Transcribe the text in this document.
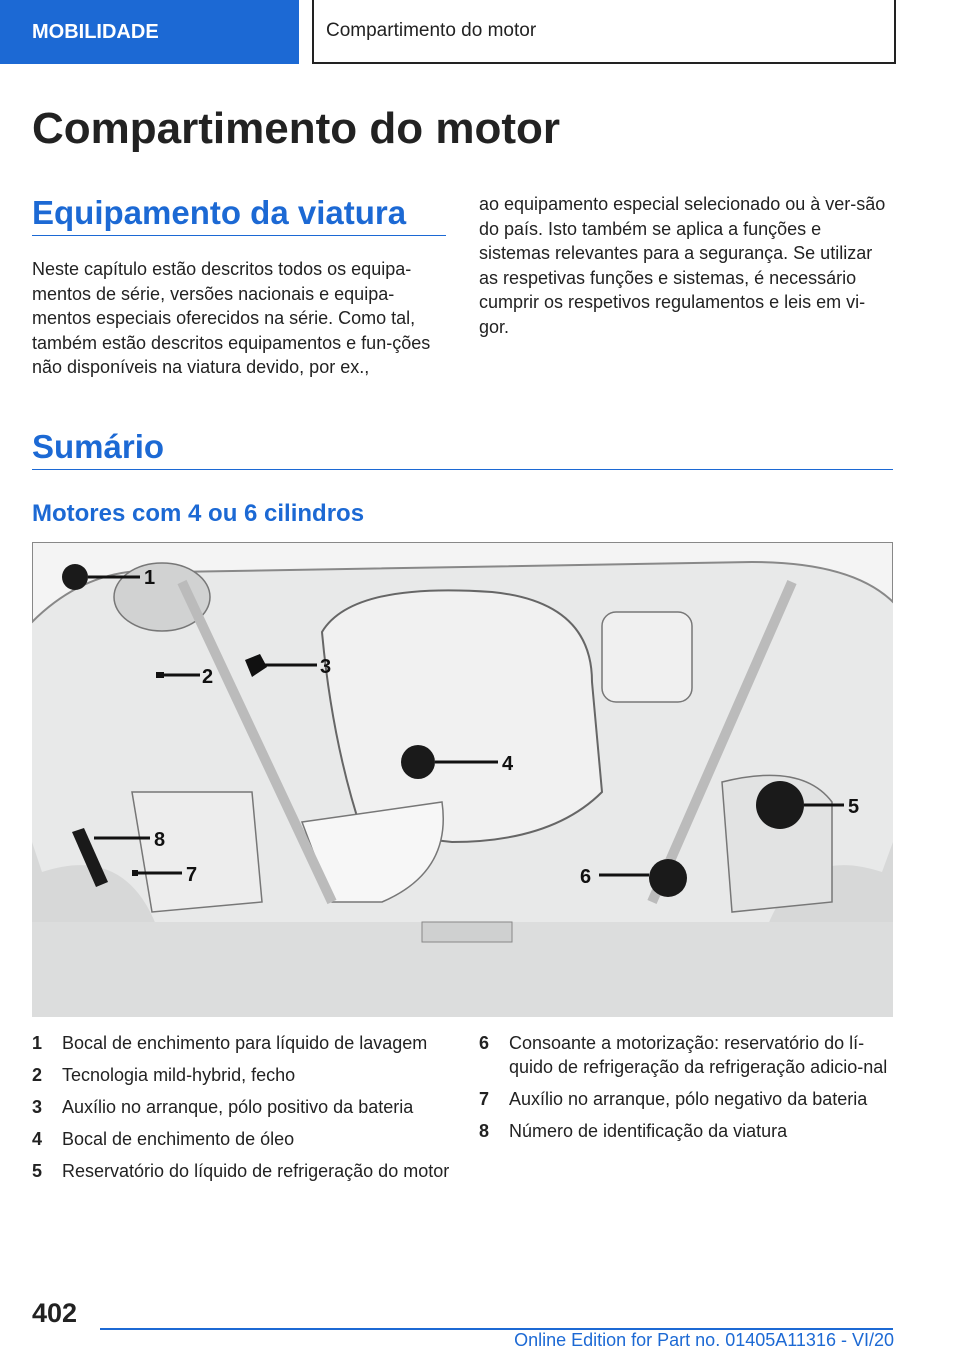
MOBILIDADE	Compartimento do motor
Compartimento do motor
Equipamento da viatura

Neste capítulo estão descritos todos os equipa-mentos de série, versões nacionais e equipa-mentos especiais oferecidos na série. Como tal, também estão descritos equipamentos e fun-ções não disponíveis na viatura devido, por ex.,

ao equipamento especial selecionado ou à ver-são do país. Isto também se aplica a funções e sistemas relevantes para a segurança. Se utilizar as respetivas funções e sistemas, é necessário cumprir os respetivos regulamentos e leis em vi-gor.

Sumário
Motores com 4 ou 6 cilindros
1
2	3
4
5
6
7
8
1	Bocal de enchimento para líquido de lavagem
2	Tecnologia mild-hybrid, fecho
3	Auxílio no arranque, pólo positivo da bateria
4	Bocal de enchimento de óleo
5	Reservatório do líquido de refrigeração do motor
6	Consoante a motorização: reservatório do lí-quido de refrigeração da refrigeração adicio-nal
7	Auxílio no arranque, pólo negativo da bateria
8	Número de identificação da viatura
402
Online Edition for Part no. 01405A11316 - VI/20
